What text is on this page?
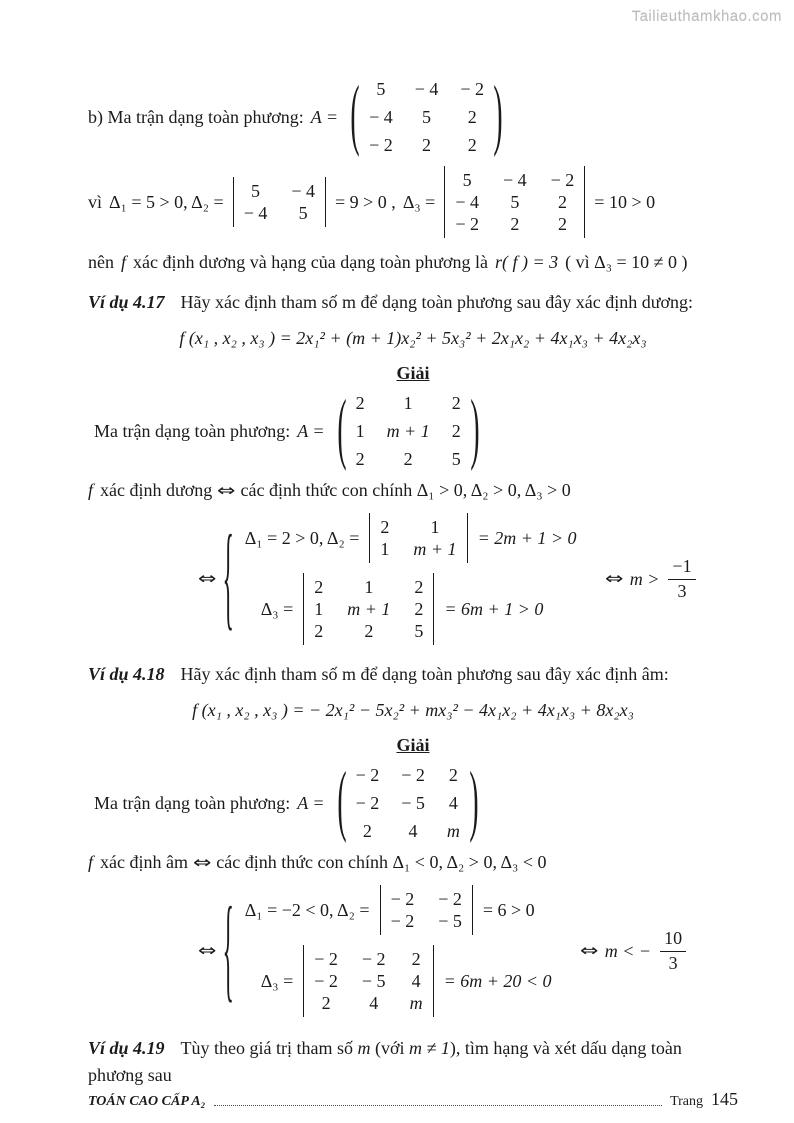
Tailieuthamkhao.com
b) Ma trận dạng toàn phương: A = ( 5 − 4 − 2
− 4 5 2
− 2 2 2 )
vì Δ₁ = 5 > 0, Δ₂ =
5 − 4
− 4 5
= 9 > 0 , Δ₃ =
5 − 4 − 2
− 4 5 2
− 2 2 2
= 10 > 0
nên f xác định dương và hạng của dạng toàn phương là r( f ) = 3 ( vì Δ₃ = 10 ≠ 0 )
Ví dụ 4.17 Hãy xác định tham số m để dạng toàn phương sau đây xác định dương:
f (x₁ , x₂ , x₃ ) = 2x₁² + (m + 1)x₂² + 5x₃² + 2x₁x₂ + 4x₁x₃ + 4x₂x₃
Giải
Ma trận dạng toàn phương: A = ( 2 1 2
1 m + 1 2
2 2 5 )
f xác định dương ⇔ các định thức con chính Δ₁ > 0, Δ₂ > 0, Δ₃ > 0
⇔ { Δ₁ = 2 > 0, Δ₂ =
2 1
1 m + 1
= 2m + 1 > 0
Δ₃ =
2 1 2
1 m + 1 2
2 2 5
= 6m + 1 > 0
⇔ $m > \frac{-1}{3}$
Ví dụ 4.18 Hãy xác định tham số m để dạng toàn phương sau đây xác định âm:
f (x₁ , x₂ , x₃ ) = − 2x₁² − 5x₂² + mx₃² − 4x₁x₂ + 4x₁x₃ + 8x₂x₃
Giải
Ma trận dạng toàn phương: A = ( − 2 − 2 2
− 2 − 5 4
2 4 m )
f xác định âm ⇔ các định thức con chính Δ₁ < 0, Δ₂ > 0, Δ₃ < 0
⇔ { Δ₁ = −2 < 0, Δ₂ =
− 2 − 2
− 2 − 5
= 6 > 0
Δ₃ =
− 2 − 2 2
− 2 − 5 4
2 4 m
= 6m + 20 < 0
⇔ m < − $\frac{10}{3}$
Ví dụ 4.19 Tùy theo giá trị tham số m (với m ≠ 1), tìm hạng và xét dấu dạng toàn phương sau
TOÁN CAO CẤP A₂	Trang 145
